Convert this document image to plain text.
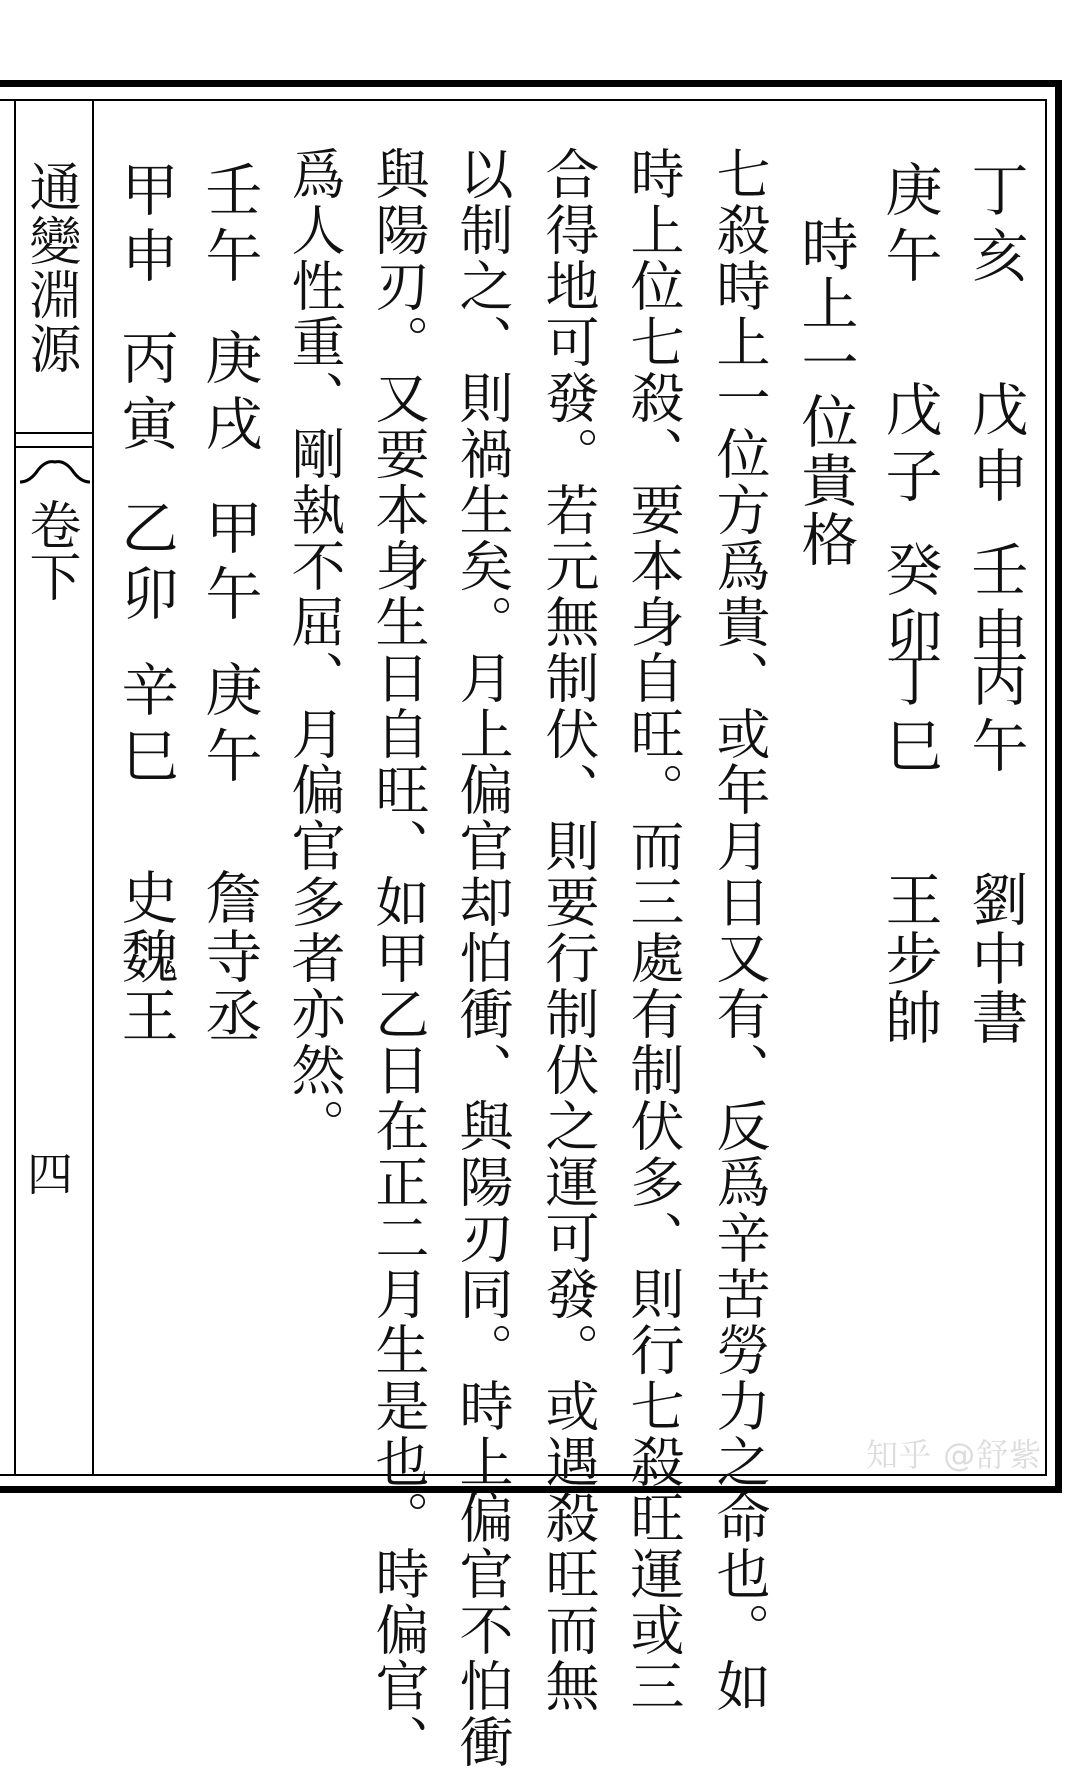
通變淵源
卷下
四
丁亥
戊申
壬申
丙午
劉中書
庚午
戊子
癸卯
丁巳
王步帥
時上一位貴格
七殺時上一位方爲貴、或年月日又有、反爲辛苦勞力之命也。如
時上位七殺、要本身自旺。而三處有制伏多、則行七殺旺運或三
合得地可發。若元無制伏、則要行制伏之運可發。或遇殺旺而無
以制之、則禍生矣。月上偏官却怕衝、與陽刃同。時上偏官不怕衝
與陽刃。又要本身生日自旺、如甲乙日在正二月生是也。時偏官、
爲人性重、剛執不屈、月偏官多者亦然。
壬午
庚戌
甲午
庚午
詹寺丞
甲申
丙寅
乙卯
辛巳
史魏王
知乎 @舒紫
